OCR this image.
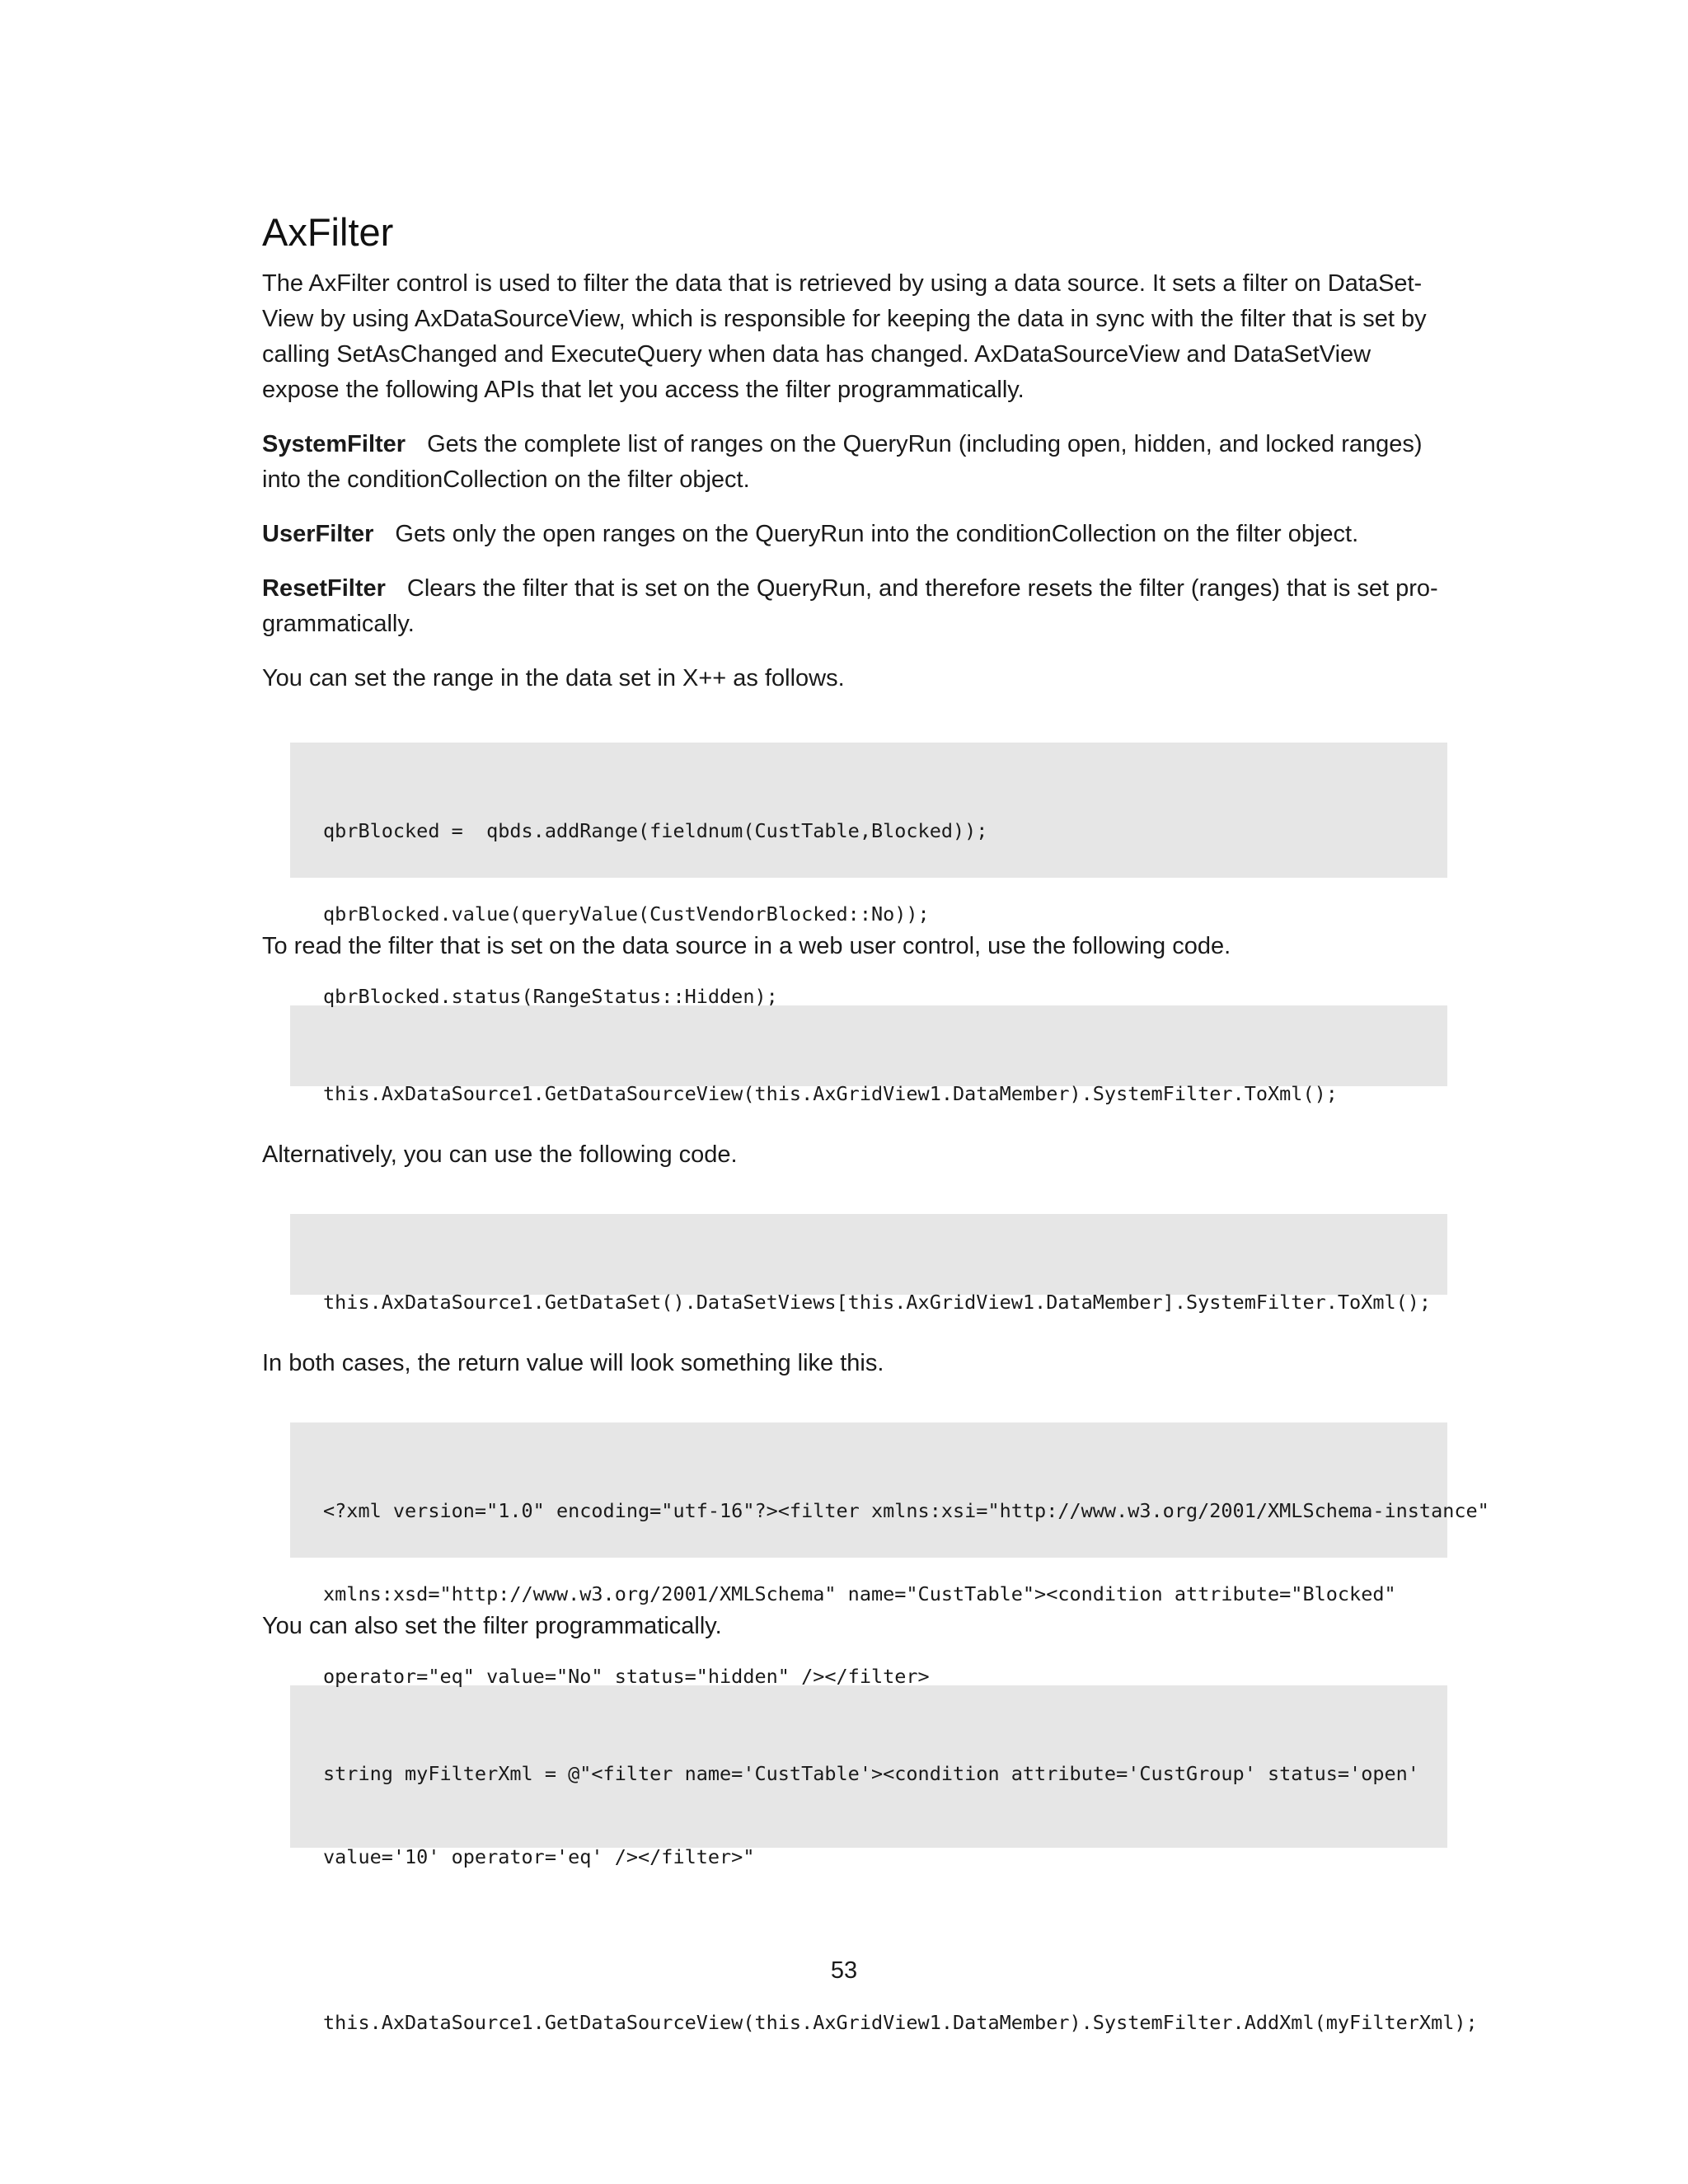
AxFilter

The AxFilter control is used to filter the data that is retrieved by using a data source. It sets a filter on DataSet-View by using AxDataSourceView, which is responsible for keeping the data in sync with the filter that is set by calling SetAsChanged and ExecuteQuery when data has changed. AxDataSourceView and DataSetView expose the following APIs that let you access the filter programmatically.

SystemFilter Gets the complete list of ranges on the QueryRun (including open, hidden, and locked ranges) into the conditionCollection on the filter object.

UserFilter Gets only the open ranges on the QueryRun into the conditionCollection on the filter object.

ResetFilter Clears the filter that is set on the QueryRun, and therefore resets the filter (ranges) that is set pro-grammatically.

You can set the range in the data set in X++ as follows.

qbrBlocked =  qbds.addRange(fieldnum(CustTable,Blocked));

qbrBlocked.value(queryValue(CustVendorBlocked::No));

qbrBlocked.status(RangeStatus::Hidden);

To read the filter that is set on the data source in a web user control, use the following code.

this.AxDataSource1.GetDataSourceView(this.AxGridView1.DataMember).SystemFilter.ToXml();

Alternatively, you can use the following code.

this.AxDataSource1.GetDataSet().DataSetViews[this.AxGridView1.DataMember].SystemFilter.ToXml();

In both cases, the return value will look something like this.

<?xml version="1.0" encoding="utf-16"?><filter xmlns:xsi="http://www.w3.org/2001/XMLSchema-instance"

xmlns:xsd="http://www.w3.org/2001/XMLSchema" name="CustTable"><condition attribute="Blocked"

operator="eq" value="No" status="hidden" /></filter>

You can also set the filter programmatically.

string myFilterXml = @"<filter name='CustTable'><condition attribute='CustGroup' status='open'

value='10' operator='eq' /></filter>"

this.AxDataSource1.GetDataSourceView(this.AxGridView1.DataMember).SystemFilter.AddXml(myFilterXml);

53
